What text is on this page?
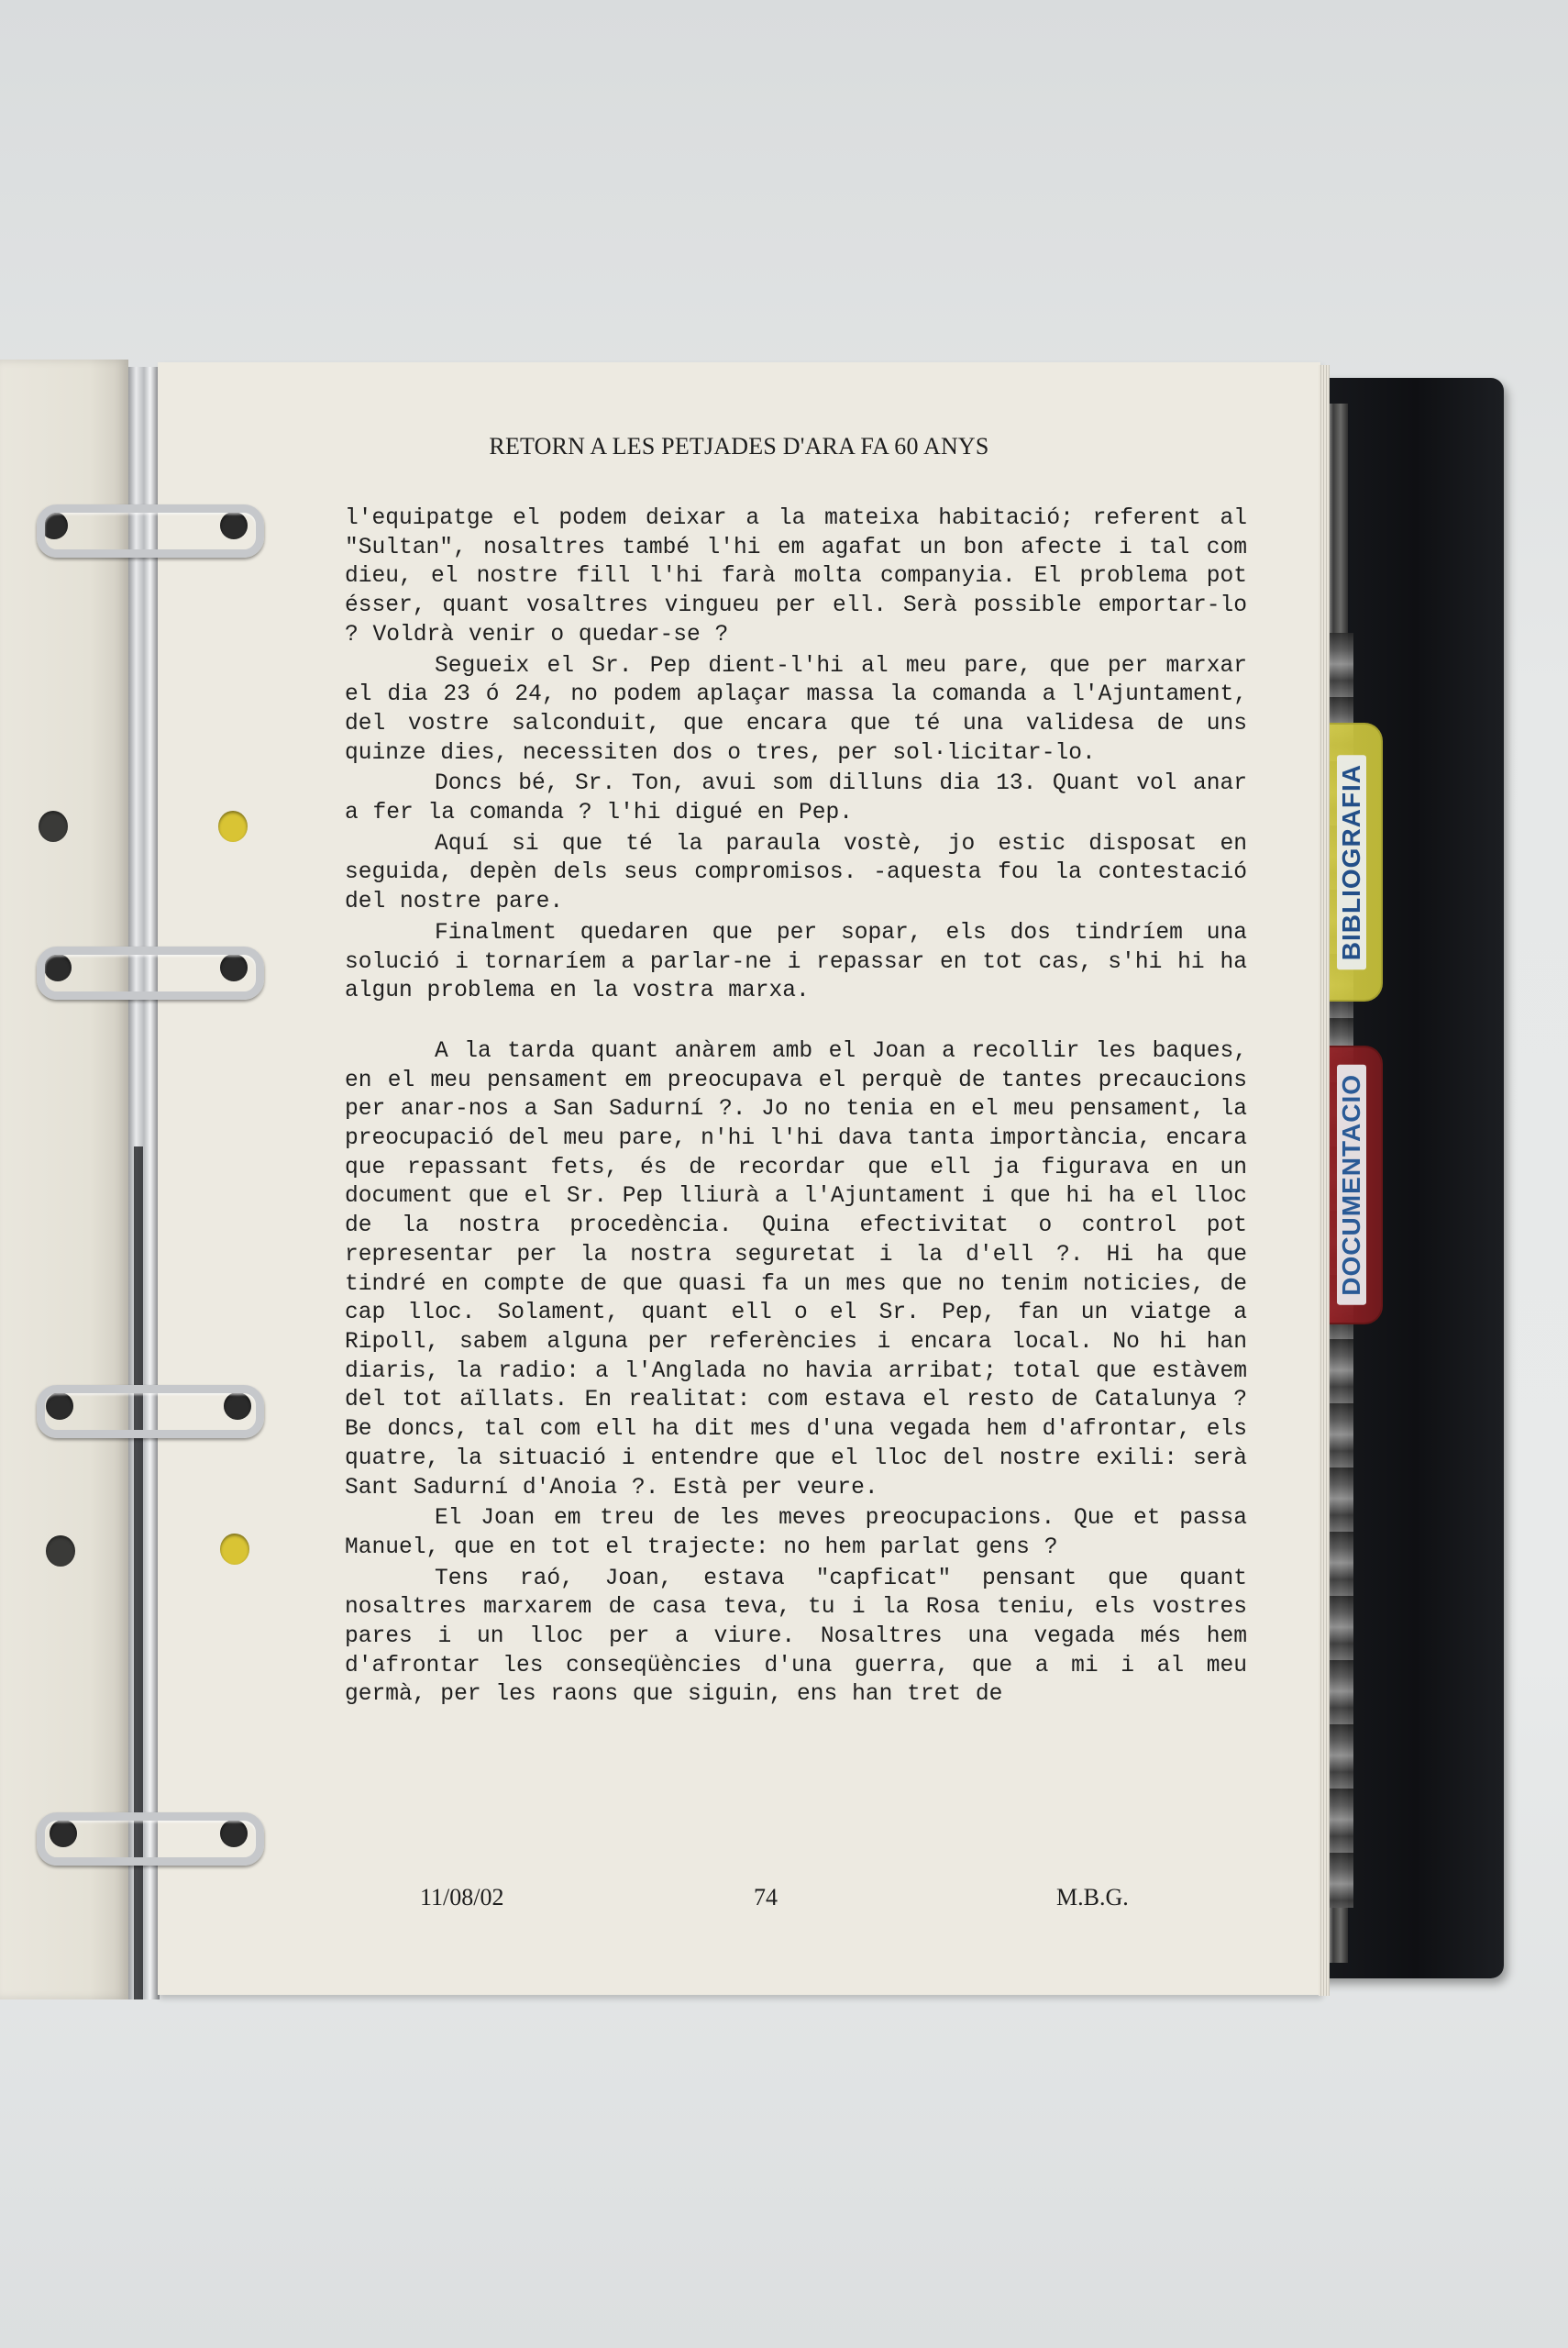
BIBLIOGRAFIA
DOCUMENTACIO
RETORN A LES PETJADES D'ARA FA 60 ANYS

l'equipatge el podem deixar a la mateixa habitació; referent al "Sultan", nosaltres també l'hi em agafat un bon afecte i tal com dieu, el nostre fill l'hi farà molta companyia. El problema pot ésser, quant vosaltres vingueu per ell. Serà possible emportar-lo ? Voldrà venir o quedar-se ?

Segueix el Sr. Pep dient-l'hi al meu pare, que per marxar el dia 23 ó 24, no podem aplaçar massa la comanda a l'Ajuntament, del vostre salconduit, que encara que té una validesa de uns quinze dies, necessiten dos o tres, per sol·licitar-lo.

Doncs bé, Sr. Ton, avui som dilluns dia 13. Quant vol anar a fer la comanda ? l'hi digué en Pep.

Aquí si que té la paraula vostè, jo estic disposat en seguida, depèn dels seus compromisos. -aquesta fou la contestació del nostre pare.

Finalment quedaren que per sopar, els dos tindríem una solució i tornaríem a parlar-ne i repassar en tot cas, s'hi hi ha algun problema en la vostra marxa.

A la tarda quant anàrem amb el Joan a recollir les baques, en el meu pensament em preocupava el perquè de tantes precaucions per anar-nos a San Sadurní ?. Jo no tenia en el meu pensament, la preocupació del meu pare, n'hi l'hi dava tanta importància, encara que repassant fets, és de recordar que ell ja figurava en un document que el Sr. Pep lliurà a l'Ajuntament i que hi ha el lloc de la nostra procedència. Quina efectivitat o control pot representar per la nostra seguretat i la d'ell ?. Hi ha que tindré en compte de que quasi fa un mes que no tenim noticies, de cap lloc. Solament, quant ell o el Sr. Pep, fan un viatge a Ripoll, sabem alguna per referències i encara local. No hi han diaris, la radio: a l'Anglada no havia arribat; total que estàvem del tot aïllats. En realitat: com estava el resto de Catalunya ? Be doncs, tal com ell ha dit mes d'una vegada hem d'afrontar, els quatre, la situació i entendre que el lloc del nostre exili: serà Sant Sadurní d'Anoia ?. Està per veure.

El Joan em treu de les meves preocupacions. Que et passa Manuel, que en tot el trajecte: no hem parlat gens ?

Tens raó, Joan, estava "capficat" pensant que quant nosaltres marxarem de casa teva, tu i la Rosa teniu, els vostres pares i un lloc per a viure. Nosaltres una vegada més hem d'afrontar les conseqüències d'una guerra, que a mi i al meu germà, per les raons que siguin, ens han tret de

11/08/02	74	M.B.G.
